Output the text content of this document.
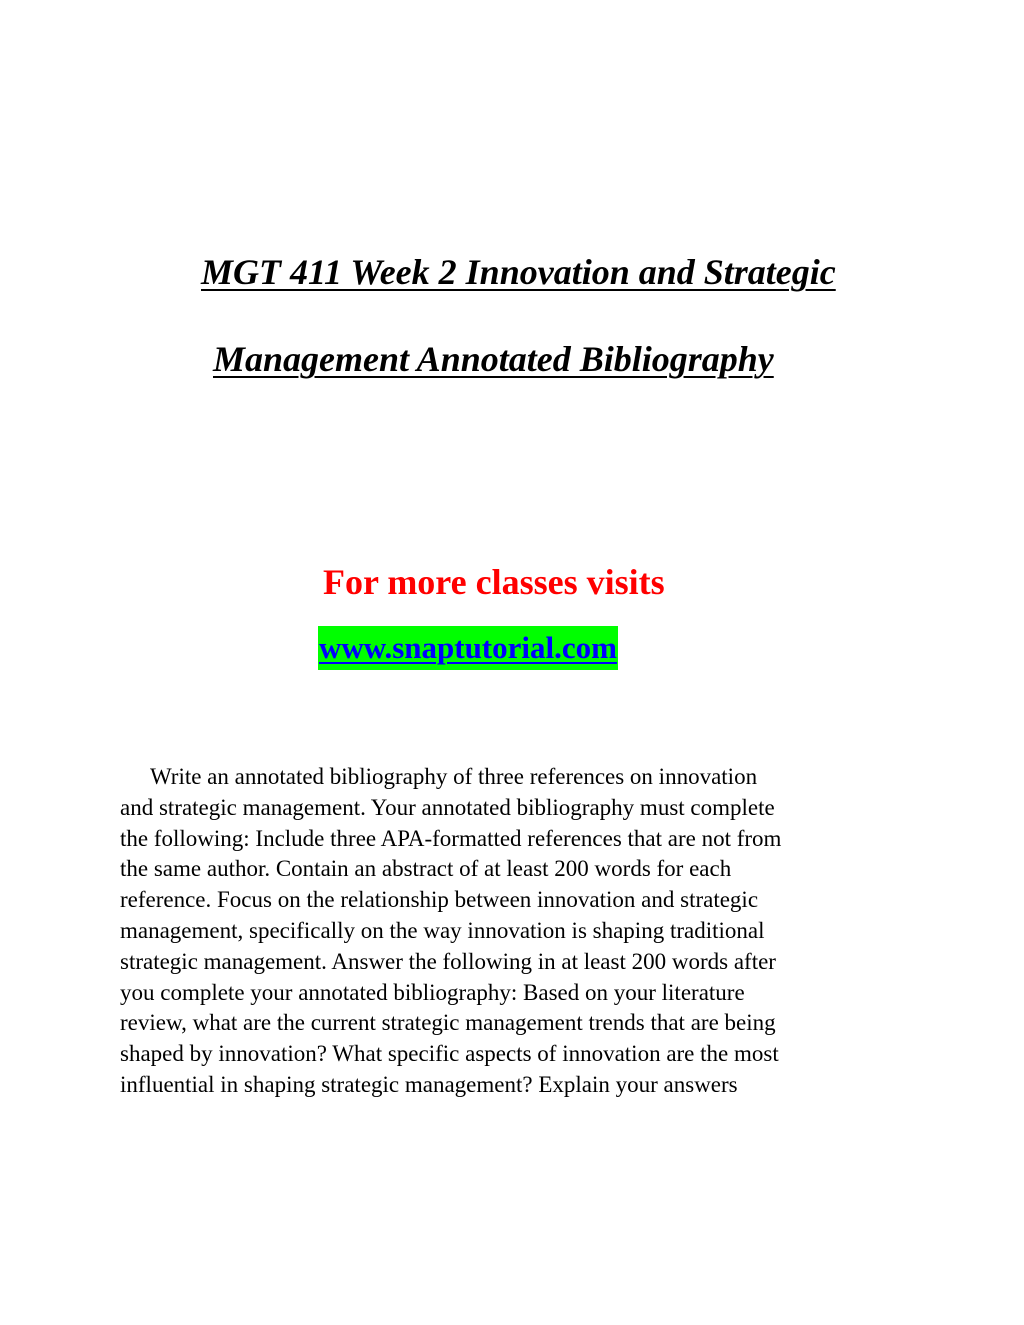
MGT 411 Week 2 Innovation and Strategic
Management Annotated Bibliography
For more classes visits
www.snaptutorial.com
Write an annotated bibliography of three references on innovation
and strategic management. Your annotated bibliography must complete
the following: Include three APA-formatted references that are not from
the same author. Contain an abstract of at least 200 words for each
reference. Focus on the relationship between innovation and strategic
management, specifically on the way innovation is shaping traditional
strategic management. Answer the following in at least 200 words after
you complete your annotated bibliography: Based on your literature
review, what are the current strategic management trends that are being
shaped by innovation? What specific aspects of innovation are the most
influential in shaping strategic management? Explain your answers
